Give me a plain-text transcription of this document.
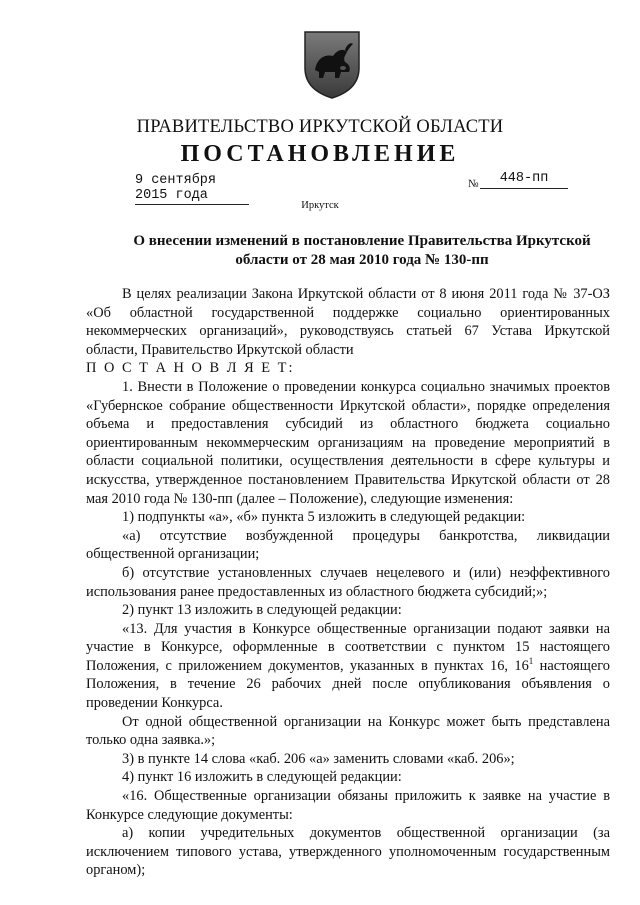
ПРАВИТЕЛЬСТВО ИРКУТСКОЙ ОБЛАСТИ
ПОСТАНОВЛЕНИЕ
9 сентября 2015 года
№	448-пп
Иркутск
О внесении изменений в постановление Правительства Иркутской области от 28 мая 2010 года № 130-пп

В целях реализации Закона Иркутской области от 8 июня 2011 года № 37-ОЗ «Об областной государственной поддержке социально ориентированных некоммерческих организаций», руководствуясь статьей 67 Устава Иркутской области, Правительство Иркутской области

П О С Т А Н О В Л Я Е Т:

1. Внести в Положение о проведении конкурса социально значимых проектов «Губернское собрание общественности Иркутской области», порядке определения объема и предоставления субсидий из областного бюджета социально ориентированным некоммерческим организациям на проведение мероприятий в области социальной политики, осуществления деятельности в сфере культуры и искусства, утвержденное постановлением Правительства Иркутской области от 28 мая 2010 года № 130-пп (далее – Положение), следующие изменения:

1) подпункты «а», «б» пункта 5 изложить в следующей редакции:

«а) отсутствие возбужденной процедуры банкротства, ликвидации общественной организации;

б) отсутствие установленных случаев нецелевого и (или) неэффективного использования ранее предоставленных из областного бюджета субсидий;»;

2) пункт 13 изложить в следующей редакции:

«13. Для участия в Конкурсе общественные организации подают заявки на участие в Конкурсе, оформленные в соответствии с пунктом 15 настоящего Положения, с приложением документов, указанных в пунктах 16, $16^1$ настоящего Положения, в течение 26 рабочих дней после опубликования объявления о проведении Конкурса.

От одной общественной организации на Конкурс может быть представлена только одна заявка.»;

3) в пункте 14 слова «каб. 206 «а» заменить словами «каб. 206»;

4) пункт 16 изложить в следующей редакции:

«16. Общественные организации обязаны приложить к заявке на участие в Конкурсе следующие документы:

а) копии учредительных документов общественной организации (за исключением типового устава, утвержденного уполномоченным государственным органом);
